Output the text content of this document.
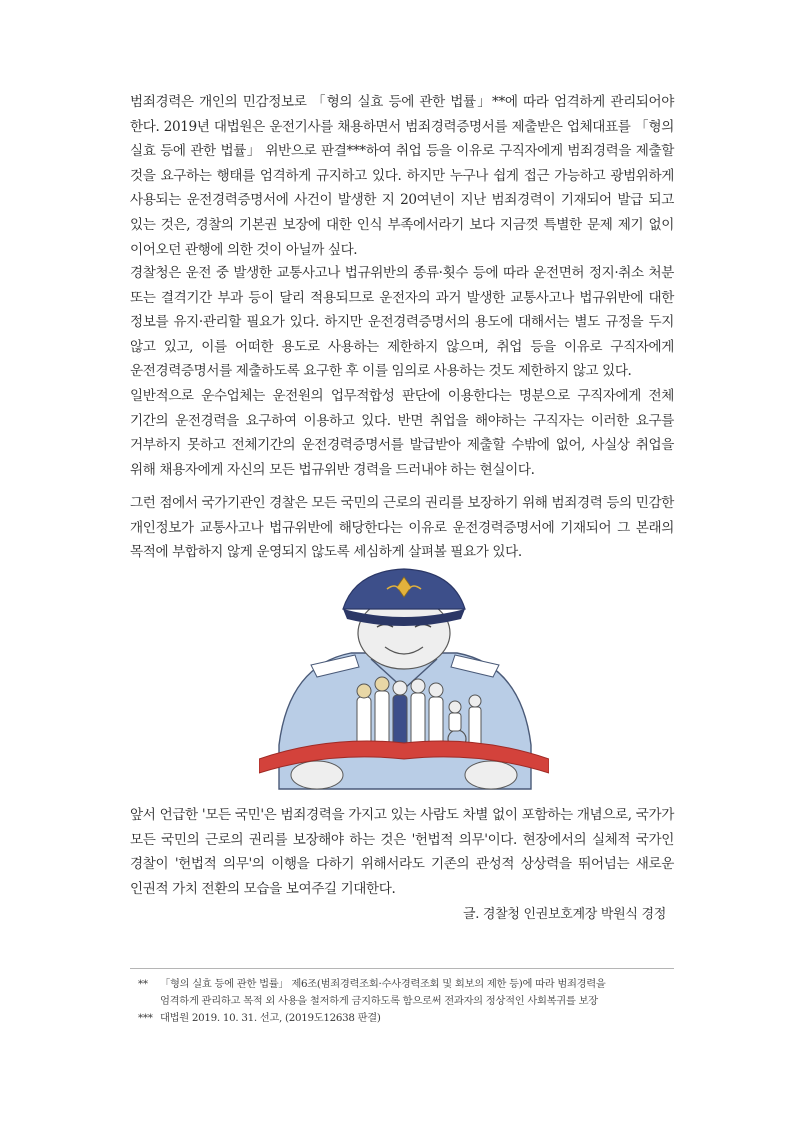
범죄경력은 개인의 민감정보로 「형의 실효 등에 관한 법률」**에 따라 엄격하게 관리되어야 한다. 2019년 대법원은 운전기사를 채용하면서 범죄경력증명서를 제출받은 업체대표를 「형의 실효 등에 관한 법률」 위반으로 판결***하여 취업 등을 이유로 구직자에게 범죄경력을 제출할 것을 요구하는 행태를 엄격하게 규지하고 있다. 하지만 누구나 쉽게 접근 가능하고 광범위하게 사용되는 운전경력증명서에 사건이 발생한 지 20여년이 지난 범죄경력이 기재되어 발급 되고 있는 것은, 경찰의 기본권 보장에 대한 인식 부족에서라기 보다 지금껏 특별한 문제 제기 없이 이어오던 관행에 의한 것이 아닐까 싶다.

경찰청은 운전 중 발생한 교통사고나 법규위반의 종류·횟수 등에 따라 운전면허 정지·취소 처분 또는 결격기간 부과 등이 달리 적용되므로 운전자의 과거 발생한 교통사고나 법규위반에 대한 정보를 유지·관리할 필요가 있다. 하지만 운전경력증명서의 용도에 대해서는 별도 규정을 두지 않고 있고, 이를 어떠한 용도로 사용하는 제한하지 않으며, 취업 등을 이유로 구직자에게 운전경력증명서를 제출하도록 요구한 후 이를 임의로 사용하는 것도 제한하지 않고 있다.

일반적으로 운수업체는 운전원의 업무적합성 판단에 이용한다는 명분으로 구직자에게 전체 기간의 운전경력을 요구하여 이용하고 있다. 반면 취업을 해야하는 구직자는 이러한 요구를 거부하지 못하고 전체기간의 운전경력증명서를 발급받아 제출할 수밖에 없어, 사실상 취업을 위해 채용자에게 자신의 모든 법규위반 경력을 드러내야 하는 현실이다.

그런 점에서 국가기관인 경찰은 모든 국민의 근로의 권리를 보장하기 위해 범죄경력 등의 민감한 개인정보가 교통사고나 법규위반에 해당한다는 이유로 운전경력증명서에 기재되어 그 본래의 목적에 부합하지 않게 운영되지 않도록 세심하게 살펴볼 필요가 있다.

앞서 언급한 '모든 국민'은 범죄경력을 가지고 있는 사람도 차별 없이 포함하는 개념으로, 국가가 모든 국민의 근로의 권리를 보장해야 하는 것은 '헌법적 의무'이다. 현장에서의 실체적 국가인 경찰이 '헌법적 의무'의 이행을 다하기 위해서라도 기존의 관성적 상상력을 뛰어넘는 새로운 인권적 가치 전환의 모습을 보여주길 기대한다.

글. 경찰청 인권보호계장 박원식 경정

** 「형의 실효 등에 관한 법률」 제6조(범죄경력조회·수사경력조회 및 회보의 제한 등)에 따라 범죄경력을
엄격하게 관리하고 목적 외 사용을 철저하게 금지하도록 함으로써 전과자의 정상적인 사회복귀를 보장

*** 대법원 2019. 10. 31. 선고, (2019도12638 판결)
